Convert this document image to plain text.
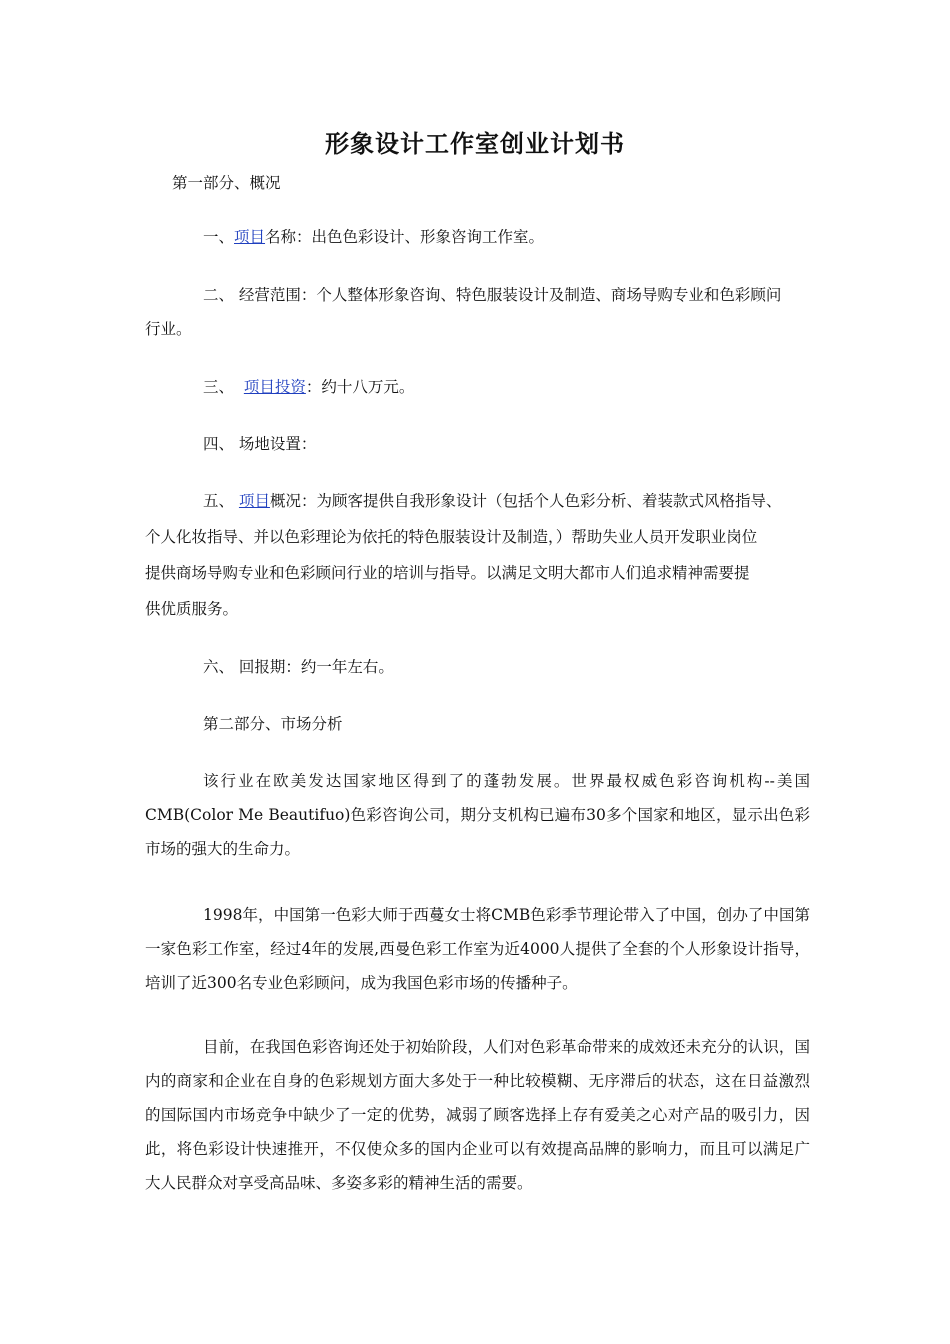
形象设计工作室创业计划书
第一部分、概况
一、项目名称：出色色彩设计、形象咨询工作室。
二、 经营范围：个人整体形象咨询、特色服装设计及制造、商场导购专业和色彩顾问
行业。
三、  项目投资：约十八万元。
四、 场地设置：
五、 项目概况：为顾客提供自我形象设计（包括个人色彩分析、着装款式风格指导、
个人化妆指导、并以色彩理论为依托的特色服装设计及制造，）帮助失业人员开发职业岗位
提供商场导购专业和色彩顾问行业的培训与指导。以满足文明大都市人们追求精神需要提
供优质服务。
六、 回报期：约一年左右。
第二部分、市场分析
该行业在欧美发达国家地区得到了的蓬勃发展。世界最权威色彩咨询机构--美国CMB(Color Me Beautifuo)色彩咨询公司，期分支机构已遍布30多个国家和地区，显示出色彩市场的强大的生命力。
1998年，中国第一色彩大师于西蔓女士将CMB色彩季节理论带入了中国，创办了中国第一家色彩工作室，经过4年的发展,西曼色彩工作室为近4000人提供了全套的个人形象设计指导，培训了近300名专业色彩顾问，成为我国色彩市场的传播种子。
目前，在我国色彩咨询还处于初始阶段，人们对色彩革命带来的成效还未充分的认识，国内的商家和企业在自身的色彩规划方面大多处于一种比较模糊、无序滞后的状态，这在日益激烈的国际国内市场竞争中缺少了一定的优势，减弱了顾客选择上存有爱美之心对产品的吸引力，因此，将色彩设计快速推开，不仅使众多的国内企业可以有效提高品牌的影响力，而且可以满足广大人民群众对享受高品味、多姿多彩的精神生活的需要。
